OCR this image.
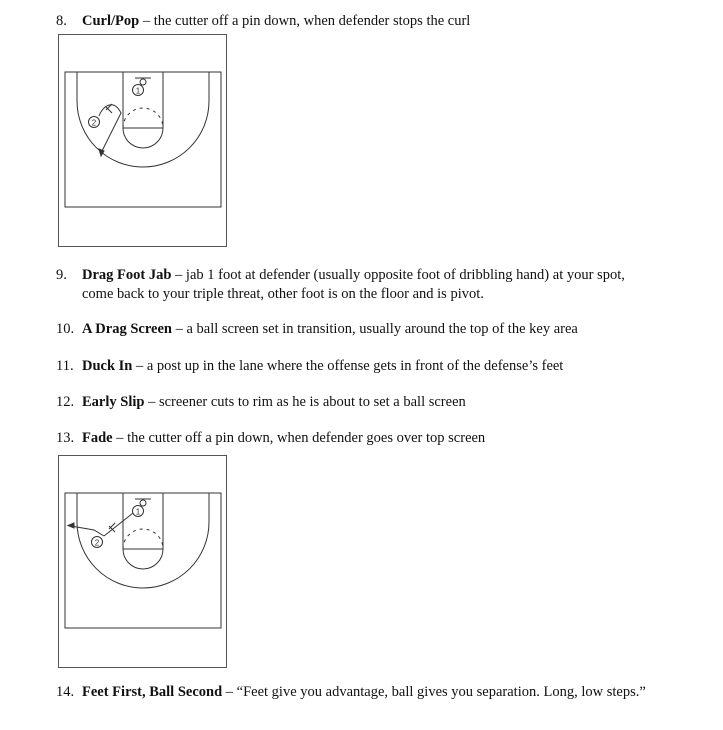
8. Curl/Pop – the cutter off a pin down, when defender stops the curl
1
2
9. Drag Foot Jab – jab 1 foot at defender (usually opposite foot of dribbling hand) at your spot, come back to your triple threat, other foot is on the floor and is pivot.
10. A Drag Screen – a ball screen set in transition, usually around the top of the key area
11. Duck In – a post up in the lane where the offense gets in front of the defense’s feet
12. Early Slip – screener cuts to rim as he is about to set a ball screen
13. Fade – the cutter off a pin down, when defender goes over top screen
1
2
14. Feet First, Ball Second – “Feet give you advantage, ball gives you separation. Long, low steps.”
